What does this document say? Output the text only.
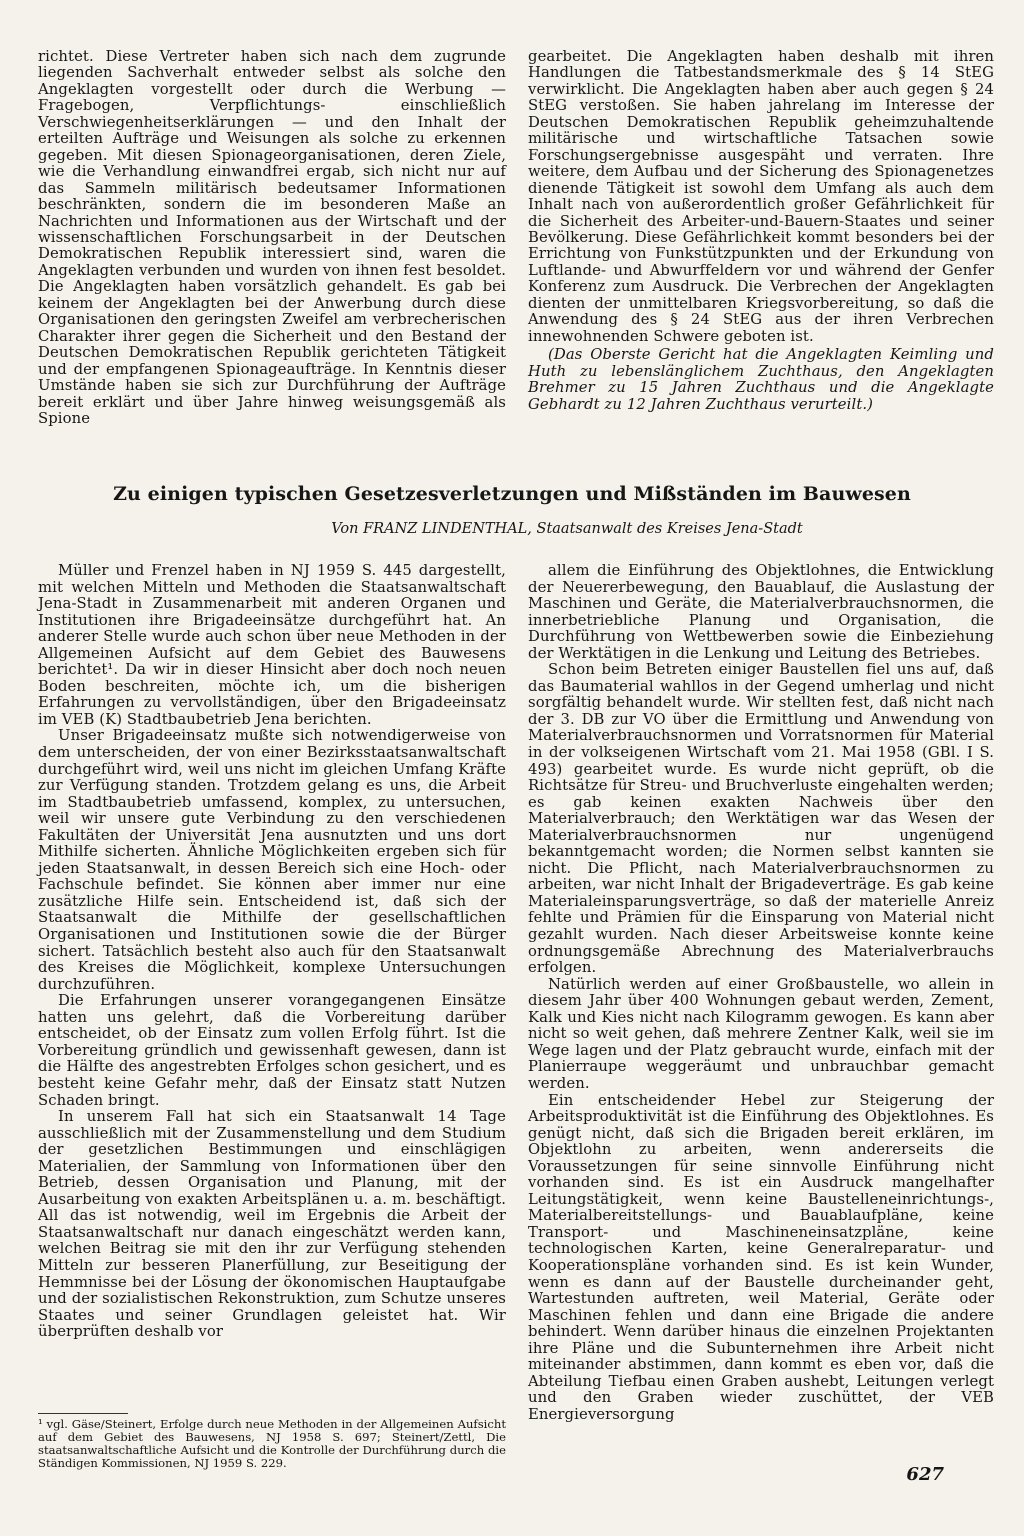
richtet. Diese Vertreter haben sich nach dem zugrunde liegenden Sachverhalt entweder selbst als solche den Angeklagten vorgestellt oder durch die Werbung — Fragebogen, Verpflichtungs- einschließlich Verschwiegenheitserklärungen — und den Inhalt der erteilten Aufträge und Weisungen als solche zu erkennen gegeben. Mit diesen Spionageorganisationen, deren Ziele, wie die Verhandlung einwandfrei ergab, sich nicht nur auf das Sammeln militärisch bedeutsamer Informationen beschränkten, sondern die im besonderen Maße an Nachrichten und Informationen aus der Wirtschaft und der wissenschaftlichen Forschungsarbeit in der Deutschen Demokratischen Republik interessiert sind, waren die Angeklagten verbunden und wurden von ihnen fest besoldet. Die Angeklagten haben vorsätzlich gehandelt. Es gab bei keinem der Angeklagten bei der Anwerbung durch diese Organisationen den geringsten Zweifel am verbrecherischen Charakter ihrer gegen die Sicherheit und den Bestand der Deutschen Demokratischen Republik gerichteten Tätigkeit und der empfangenen Spionageaufträge. In Kenntnis dieser Umstände haben sie sich zur Durchführung der Aufträge bereit erklärt und über Jahre hinweg weisungsgemäß als Spione

gearbeitet. Die Angeklagten haben deshalb mit ihren Handlungen die Tatbestandsmerkmale des § 14 StEG verwirklicht. Die Angeklagten haben aber auch gegen § 24 StEG verstoßen. Sie haben jahrelang im Interesse der Deutschen Demokratischen Republik geheimzuhaltende militärische und wirtschaftliche Tatsachen sowie Forschungsergebnisse ausgespäht und verraten. Ihre weitere, dem Aufbau und der Sicherung des Spionagenetzes dienende Tätigkeit ist sowohl dem Umfang als auch dem Inhalt nach von außerordentlich großer Gefährlichkeit für die Sicherheit des Arbeiter-und-Bauern-Staates und seiner Bevölkerung. Diese Gefährlichkeit kommt besonders bei der Errichtung von Funkstützpunkten und der Erkundung von Luftlande- und Abwurffeldern vor und während der Genfer Konferenz zum Ausdruck. Die Verbrechen der Angeklagten dienten der unmittelbaren Kriegsvorbereitung, so daß die Anwendung des § 24 StEG aus der ihren Verbrechen innewohnenden Schwere geboten ist.

(Das Oberste Gericht hat die Angeklagten Keimling und Huth zu lebenslänglichem Zuchthaus, den Angeklagten Brehmer zu 15 Jahren Zuchthaus und die Angeklagte Gebhardt zu 12 Jahren Zuchthaus verurteilt.)

Zu einigen typischen Gesetzesverletzungen und Mißständen im Bauwesen
Von FRANZ LINDENTHAL, Staatsanwalt des Kreises Jena-Stadt

Müller und Frenzel haben in NJ 1959 S. 445 dargestellt, mit welchen Mitteln und Methoden die Staatsanwaltschaft Jena-Stadt in Zusammenarbeit mit anderen Organen und Institutionen ihre Brigadeeinsätze durchgeführt hat. An anderer Stelle wurde auch schon über neue Methoden in der Allgemeinen Aufsicht auf dem Gebiet des Bauwesens berichtet¹. Da wir in dieser Hinsicht aber doch noch neuen Boden beschreiten, möchte ich, um die bisherigen Erfahrungen zu vervollständigen, über den Brigadeeinsatz im VEB (K) Stadtbaubetrieb Jena berichten.

Unser Brigadeeinsatz mußte sich notwendigerweise von dem unterscheiden, der von einer Bezirksstaatsanwaltschaft durchgeführt wird, weil uns nicht im gleichen Umfang Kräfte zur Verfügung standen. Trotzdem gelang es uns, die Arbeit im Stadtbaubetrieb umfassend, komplex, zu untersuchen, weil wir unsere gute Verbindung zu den verschiedenen Fakultäten der Universität Jena ausnutzten und uns dort Mithilfe sicherten. Ähnliche Möglichkeiten ergeben sich für jeden Staatsanwalt, in dessen Bereich sich eine Hoch- oder Fachschule befindet. Sie können aber immer nur eine zusätzliche Hilfe sein. Entscheidend ist, daß sich der Staatsanwalt die Mithilfe der gesellschaftlichen Organisationen und Institutionen sowie die der Bürger sichert. Tatsächlich besteht also auch für den Staatsanwalt des Kreises die Möglichkeit, komplexe Untersuchungen durchzuführen.

Die Erfahrungen unserer vorangegangenen Einsätze hatten uns gelehrt, daß die Vorbereitung darüber entscheidet, ob der Einsatz zum vollen Erfolg führt. Ist die Vorbereitung gründlich und gewissenhaft gewesen, dann ist die Hälfte des angestrebten Erfolges schon gesichert, und es besteht keine Gefahr mehr, daß der Einsatz statt Nutzen Schaden bringt.

In unserem Fall hat sich ein Staatsanwalt 14 Tage ausschließlich mit der Zusammenstellung und dem Studium der gesetzlichen Bestimmungen und einschlägigen Materialien, der Sammlung von Informationen über den Betrieb, dessen Organisation und Planung, mit der Ausarbeitung von exakten Arbeitsplänen u. a. m. beschäftigt. All das ist notwendig, weil im Ergebnis die Arbeit der Staatsanwaltschaft nur danach eingeschätzt werden kann, welchen Beitrag sie mit den ihr zur Verfügung stehenden Mitteln zur besseren Planerfüllung, zur Beseitigung der Hemmnisse bei der Lösung der ökonomischen Hauptaufgabe und der sozialistischen Rekonstruktion, zum Schutze unseres Staates und seiner Grundlagen geleistet hat. Wir überprüften deshalb vor

¹ vgl. Gäse/Steinert, Erfolge durch neue Methoden in der Allgemeinen Aufsicht auf dem Gebiet des Bauwesens, NJ 1958 S. 697; Steinert/Zettl, Die staatsanwaltschaftliche Aufsicht und die Kontrolle der Durchführung durch die Ständigen Kommissionen, NJ 1959 S. 229.

allem die Einführung des Objektlohnes, die Entwicklung der Neuererbewegung, den Bauablauf, die Auslastung der Maschinen und Geräte, die Materialverbrauchsnormen, die innerbetriebliche Planung und Organisation, die Durchführung von Wettbewerben sowie die Einbeziehung der Werktätigen in die Lenkung und Leitung des Betriebes.

Schon beim Betreten einiger Baustellen fiel uns auf, daß das Baumaterial wahllos in der Gegend umherlag und nicht sorgfältig behandelt wurde. Wir stellten fest, daß nicht nach der 3. DB zur VO über die Ermittlung und Anwendung von Materialverbrauchsnormen und Vorratsnormen für Material in der volkseigenen Wirtschaft vom 21. Mai 1958 (GBl. I S. 493) gearbeitet wurde. Es wurde nicht geprüft, ob die Richtsätze für Streu- und Bruchverluste eingehalten werden; es gab keinen exakten Nachweis über den Materialverbrauch; den Werktätigen war das Wesen der Materialverbrauchsnormen nur ungenügend bekanntgemacht worden; die Normen selbst kannten sie nicht. Die Pflicht, nach Materialverbrauchsnormen zu arbeiten, war nicht Inhalt der Brigadeverträge. Es gab keine Materialeinsparungsverträge, so daß der materielle Anreiz fehlte und Prämien für die Einsparung von Material nicht gezahlt wurden. Nach dieser Arbeitsweise konnte keine ordnungsgemäße Abrechnung des Materialverbrauchs erfolgen.

Natürlich werden auf einer Großbaustelle, wo allein in diesem Jahr über 400 Wohnungen gebaut werden, Zement, Kalk und Kies nicht nach Kilogramm gewogen. Es kann aber nicht so weit gehen, daß mehrere Zentner Kalk, weil sie im Wege lagen und der Platz gebraucht wurde, einfach mit der Planierraupe weggeräumt und unbrauchbar gemacht werden.

Ein entscheidender Hebel zur Steigerung der Arbeitsproduktivität ist die Einführung des Objektlohnes. Es genügt nicht, daß sich die Brigaden bereit erklären, im Objektlohn zu arbeiten, wenn andererseits die Voraussetzungen für seine sinnvolle Einführung nicht vorhanden sind. Es ist ein Ausdruck mangelhafter Leitungstätigkeit, wenn keine Baustelleneinrichtungs-, Materialbereitstellungs- und Bauablaufpläne, keine Transport- und Maschineneinsatzpläne, keine technologischen Karten, keine Generalreparatur- und Kooperationspläne vorhanden sind. Es ist kein Wunder, wenn es dann auf der Baustelle durcheinander geht, Wartestunden auftreten, weil Material, Geräte oder Maschinen fehlen und dann eine Brigade die andere behindert. Wenn darüber hinaus die einzelnen Projektanten ihre Pläne und die Subunternehmen ihre Arbeit nicht miteinander abstimmen, dann kommt es eben vor, daß die Abteilung Tiefbau einen Graben aushebt, Leitungen verlegt und den Graben wieder zuschüttet, der VEB Energieversorgung

627
